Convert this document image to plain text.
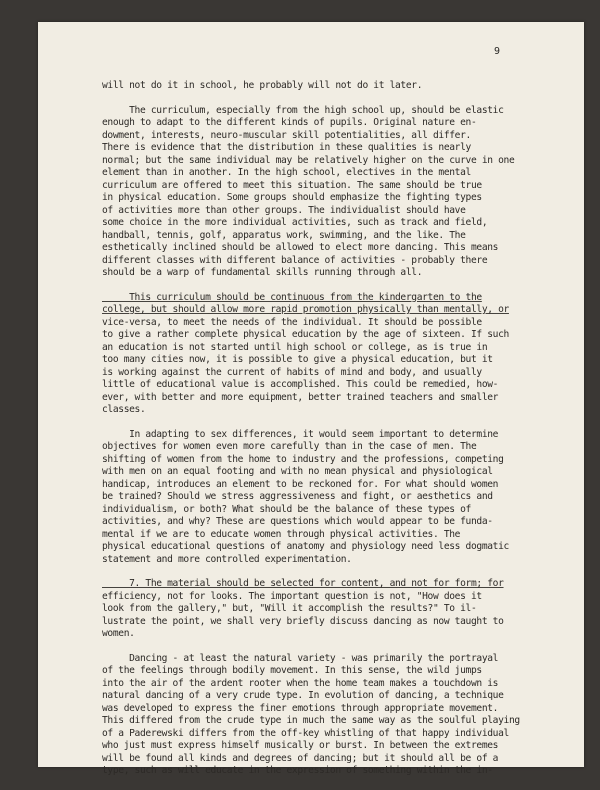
9
will not do it in school, he probably will not do it later.
The curriculum, especially from the high school up, should be elastic
enough to adapt to the different kinds of pupils. Original nature en-
dowment, interests, neuro-muscular skill potentialities, all differ.
There is evidence that the distribution in these qualities is nearly
normal; but the same individual may be relatively higher on the curve in one
element than in another. In the high school, electives in the mental
curriculum are offered to meet this situation. The same should be true
in physical education. Some groups should emphasize the fighting types
of activities more than other groups. The individualist should have
some choice in the more individual activities, such as track and field,
handball, tennis, golf, apparatus work, swimming, and the like. The
esthetically inclined should be allowed to elect more dancing. This means
different classes with different balance of activities - probably there
should be a warp of fundamental skills running through all.
This curriculum should be continuous from the kindergarten to the
college, but should allow more rapid promotion physically than mentally, or
vice-versa, to meet the needs of the individual. It should be possible
to give a rather complete physical education by the age of sixteen. If such
an education is not started until high school or college, as is true in
too many cities now, it is possible to give a physical education, but it
is working against the current of habits of mind and body, and usually
little of educational value is accomplished. This could be remedied, how-
ever, with better and more equipment, better trained teachers and smaller
classes.
In adapting to sex differences, it would seem important to determine
objectives for women even more carefully than in the case of men. The
shifting of women from the home to industry and the professions, competing
with men on an equal footing and with no mean physical and physiological
handicap, introduces an element to be reckoned for. For what should women
be trained? Should we stress aggressiveness and fight, or aesthetics and
individualism, or both? What should be the balance of these types of
activities, and why? These are questions which would appear to be funda-
mental if we are to educate women through physical activities. The
physical educational questions of anatomy and physiology need less dogmatic
statement and more controlled experimentation.
7. The material should be selected for content, and not for form; for
efficiency, not for looks. The important question is not, "How does it
look from the gallery," but, "Will it accomplish the results?" To il-
lustrate the point, we shall very briefly discuss dancing as now taught to
women.
Dancing - at least the natural variety - was primarily the portrayal
of the feelings through bodily movement. In this sense, the wild jumps
into the air of the ardent rooter when the home team makes a touchdown is
natural dancing of a very crude type. In evolution of dancing, a technique
was developed to express the finer emotions through appropriate movement.
This differed from the crude type in much the same way as the soulful playing
of a Paderewski differs from the off-key whistling of that happy individual
who just must express himself musically or burst. In between the extremes
will be found all kinds and degrees of dancing; but it should all be of a
type, such as will educate in the expression of something within the in-
